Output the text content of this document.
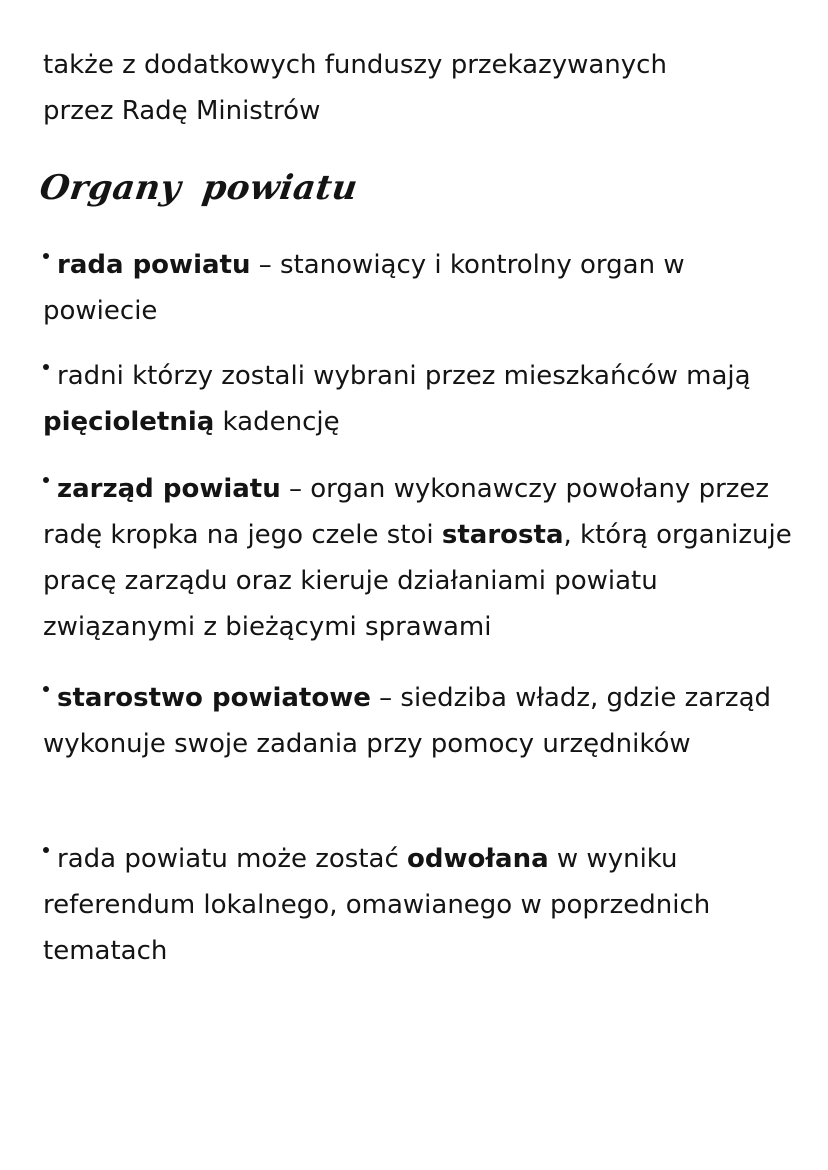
także z dodatkowych funduszy przekazywanych
przez Radę Ministrów
Organy powiatu
rada powiatu – stanowiący i kontrolny organ w powiecie
radni którzy zostali wybrani przez mieszkańców mają pięcioletnią kadencję
zarząd powiatu – organ wykonawczy powołany przez radę kropka na jego czele stoi starosta, którą organizuje pracę zarządu oraz kieruje działaniami powiatu związanymi z bieżącymi sprawami
starostwo powiatowe – siedziba władz, gdzie zarząd wykonuje swoje zadania przy pomocy urzędników
rada powiatu może zostać odwołana w wyniku referendum lokalnego, omawianego w poprzednich tematach
